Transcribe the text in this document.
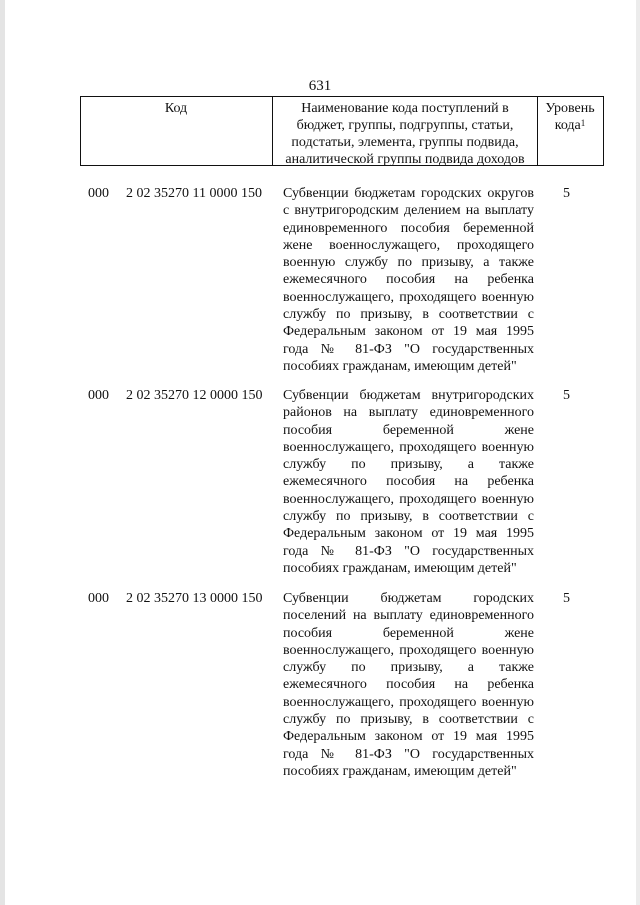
631
Код	Наименование кода поступлений в бюджет, группы, подгруппы, статьи, подстатьи, элемента, группы подвида, аналитической группы подвида доходов
Уровень кода$^1$
000 2 02 35270 11 0000 150 Субвенции бюджетам городских округов с внутригородским делением на выплату единовременного пособия беременной жене военнослужащего, проходящего военную службу по призыву, а также ежемесячного пособия на ребенка военнослужащего, проходящего военную службу по призыву, в соответствии с Федеральным законом от 19 мая 1995 года № 81-ФЗ "О государственных пособиях гражданам, имеющим детей"
5
000 2 02 35270 12 0000 150 Субвенции бюджетам внутригородских районов на выплату единовременного пособия беременной жене военнослужащего, проходящего военную службу по призыву, а также ежемесячного пособия на ребенка военнослужащего, проходящего военную службу по призыву, в соответствии с Федеральным законом от 19 мая 1995 года № 81-ФЗ "О государственных пособиях гражданам, имеющим детей"
5
000 2 02 35270 13 0000 150 Субвенции бюджетам городских поселений на выплату единовременного пособия беременной жене военнослужащего, проходящего военную службу по призыву, а также ежемесячного пособия на ребенка военнослужащего, проходящего военную службу по призыву, в соответствии с Федеральным законом от 19 мая 1995 года № 81-ФЗ "О государственных пособиях гражданам, имеющим детей"
5
